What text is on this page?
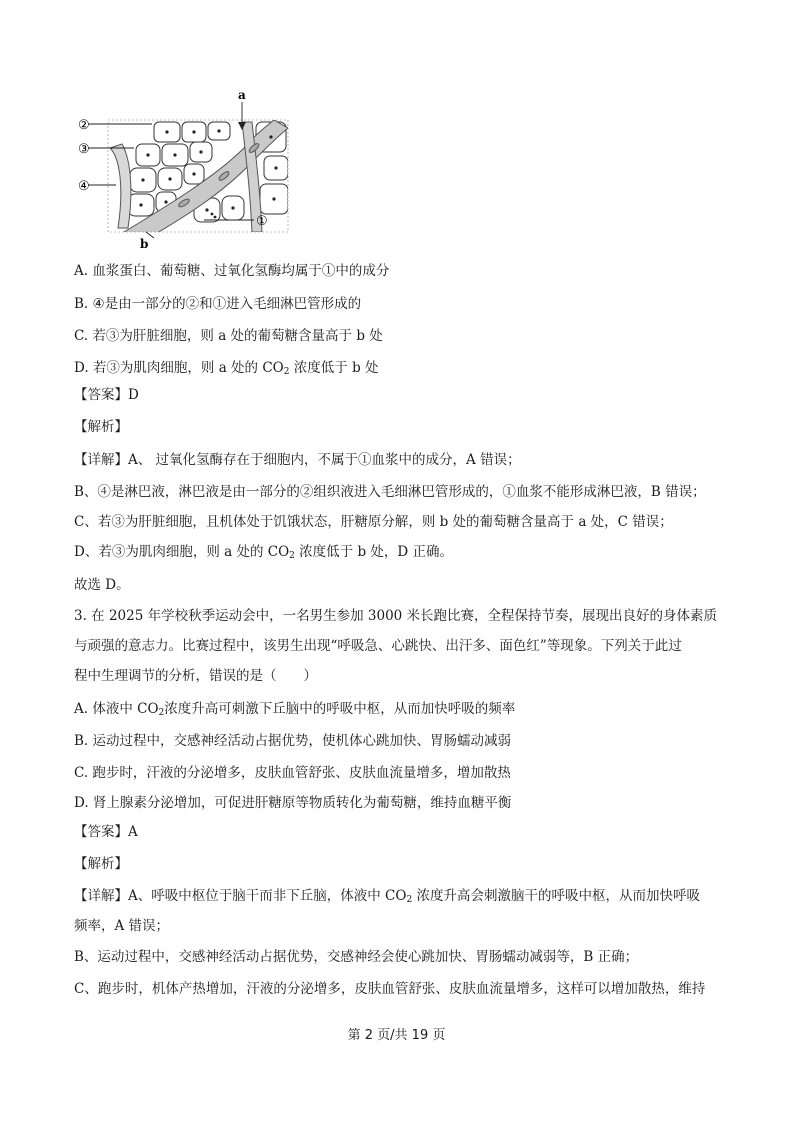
②
③
④
①
a
b
A. 血浆蛋白、葡萄糖、过氧化氢酶均属于①中的成分
B. ④是由一部分的②和①进入毛细淋巴管形成的
C. 若③为肝脏细胞，则 a 处的葡萄糖含量高于 b 处
D. 若③为肌肉细胞，则 a 处的 $CO_2$ 浓度低于 b 处
【答案】D
【解析】
【详解】A、 过氧化氢酶存在于细胞内，不属于①血浆中的成分，A 错误；
B、④是淋巴液，淋巴液是由一部分的②组织液进入毛细淋巴管形成的，①血浆不能形成淋巴液，B 错误；
C、若③为肝脏细胞，且机体处于饥饿状态，肝糖原分解，则 b 处的葡萄糖含量高于 a 处，C 错误；
D、若③为肌肉细胞，则 a 处的 $CO_2$ 浓度低于 b 处，D 正确。
故选 D。
3. 在 2025 年学校秋季运动会中，一名男生参加 3000 米长跑比赛，全程保持节奏，展现出良好的身体素质
与顽强的意志力。比赛过程中，该男生出现“呼吸急、心跳快、出汗多、面色红”等现象。下列关于此过
程中生理调节的分析，错误的是（　　）
A. 体液中 $CO_2$浓度升高可刺激下丘脑中的呼吸中枢，从而加快呼吸的频率
B. 运动过程中，交感神经活动占据优势，使机体心跳加快、胃肠蠕动减弱
C. 跑步时，汗液的分泌增多，皮肤血管舒张、皮肤血流量增多，增加散热
D. 肾上腺素分泌增加，可促进肝糖原等物质转化为葡萄糖，维持血糖平衡
【答案】A
【解析】
【详解】A、呼吸中枢位于脑干而非下丘脑，体液中 $CO_2$ 浓度升高会刺激脑干的呼吸中枢，从而加快呼吸
频率，A 错误；
B、运动过程中，交感神经活动占据优势，交感神经会使心跳加快、胃肠蠕动减弱等，B 正确；
C、跑步时，机体产热增加，汗液的分泌增多，皮肤血管舒张、皮肤血流量增多，这样可以增加散热，维持
第 2 页/共 19 页
